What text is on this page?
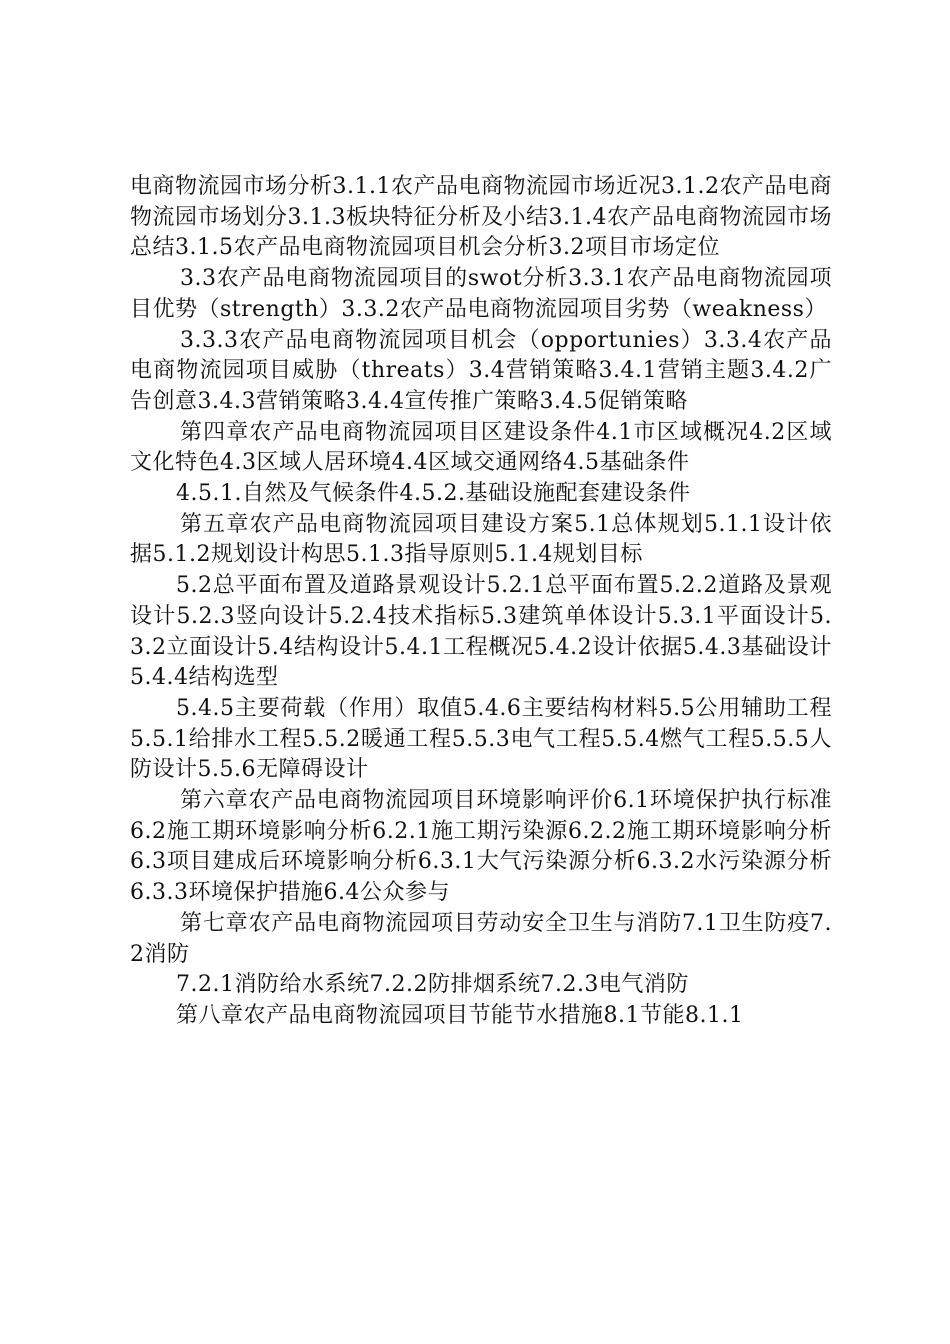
电商物流园市场分析3.1.1农产品电商物流园市场近况3.1.2农产品电商物流园市场划分3.1.3板块特征分析及小结3.1.4农产品电商物流园市场总结3.1.5农产品电商物流园项目机会分析3.2项目市场定位

3.3农产品电商物流园项目的swot分析3.3.1农产品电商物流园项目优势（strength）3.3.2农产品电商物流园项目劣势（weakness）

3.3.3农产品电商物流园项目机会（opportunies）3.3.4农产品电商物流园项目威胁（threats）3.4营销策略3.4.1营销主题3.4.2广告创意3.4.3营销策略3.4.4宣传推广策略3.4.5促销策略

第四章农产品电商物流园项目区建设条件4.1市区域概况4.2区域文化特色4.3区域人居环境4.4区域交通网络4.5基础条件

4.5.1.自然及气候条件4.5.2.基础设施配套建设条件

第五章农产品电商物流园项目建设方案5.1总体规划5.1.1设计依据5.1.2规划设计构思5.1.3指导原则5.1.4规划目标

5.2总平面布置及道路景观设计5.2.1总平面布置5.2.2道路及景观设计5.2.3竖向设计5.2.4技术指标5.3建筑单体设计5.3.1平面设计5.3.2立面设计5.4结构设计5.4.1工程概况5.4.2设计依据5.4.3基础设计5.4.4结构选型

5.4.5主要荷载（作用）取值5.4.6主要结构材料5.5公用辅助工程5.5.1给排水工程5.5.2暖通工程5.5.3电气工程5.5.4燃气工程5.5.5人防设计5.5.6无障碍设计

第六章农产品电商物流园项目环境影响评价6.1环境保护执行标准6.2施工期环境影响分析6.2.1施工期污染源6.2.2施工期环境影响分析6.3项目建成后环境影响分析6.3.1大气污染源分析6.3.2水污染源分析6.3.3环境保护措施6.4公众参与

第七章农产品电商物流园项目劳动安全卫生与消防7.1卫生防疫7.2消防

7.2.1消防给水系统7.2.2防排烟系统7.2.3电气消防

第八章农产品电商物流园项目节能节水措施8.1节能8.1.1
